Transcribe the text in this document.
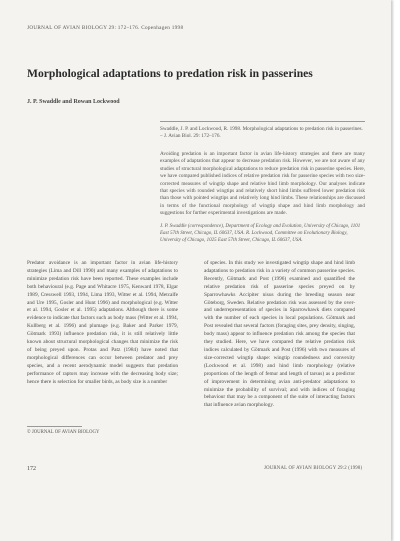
JOURNAL OF AVIAN BIOLOGY 29: 172–176. Copenhagen 1998
Morphological adaptations to predation risk in passerines
J. P. Swaddle and Rowan Lockwood
Swaddle, J. P. and Lockwood, R. 1998. Morphological adaptations to predation risk in passerines. – J. Avian Biol. 29: 172–176.
Avoiding predation is an important factor in avian life-history strategies and there are many examples of adaptations that appear to decrease predation risk. However, we are not aware of any studies of structural morphological adaptations to reduce predation risk in passerine species. Here, we have compared published indices of relative predation risk for passerine species with two size-corrected measures of wingtip shape and relative hind limb morphology. Our analyses indicate that species with rounded wingtips and relatively short hind limbs suffered lower predation risk than those with pointed wingtips and relatively long hind limbs. These relationships are discussed in terms of the functional morphology of wingtip shape and hind limb morphology and suggestions for further experimental investigations are made.
J. P. Swaddle (correspondence), Department of Ecology and Evolution, University of Chicago, 1101 East 57th Street, Chicago, IL 60637, USA. R. Lockwood, Committee on Evolutionary Biology, University of Chicago, 1025 East 57th Street, Chicago, IL 60637, USA.
Predator avoidance is an important factor in avian life-history strategies (Lima and Dill 1990) and many examples of adaptations to minimize predation risk have been reported. These examples include both behavioural (e.g. Page and Whitacre 1975, Kenward 1978, Elgar 1989, Cresswell 1993, 1994, Lima 1993, Witter et al. 1994, Metcalfe and Ure 1995, Gosler and Hunt 1996) and morphological (e.g. Witter et al. 1994, Gosler et al. 1995) adaptations. Although there is some evidence to indicate that factors such as body mass (Witter et al. 1994, Kullberg et al. 1996) and plumage (e.g. Baker and Parker 1979, Götmark 1993) influence predation risk, it is still relatively little known about structural morphological changes that minimize the risk of being preyed upon. Protas and Patz (1984) have noted that morphological differences can occur between predator and prey species, and a recent aerodynamic model suggests that predation performance of raptors may increase with the decreasing body size; hence there is selection for smaller birds, as body size is a number
of species. In this study we investigated wingtip shape and hind limb adaptations to predation risk in a variety of common passerine species. Recently, Götmark and Post (1996) examined and quantified the relative predation risk of passerine species preyed on by Sparrowhawks Accipiter nisus during the breeding season near Göteborg, Sweden. Relative predation risk was assessed by the over- and underrepresentation of species in Sparrowhawk diets compared with the number of each species in local populations. Götmark and Post revealed that several factors (foraging sites, prey density, singing, body mass) appear to influence predation risk among the species that they studied. Here, we have compared the relative predation risk indices calculated by Götmark and Post (1996) with two measures of size-corrected wingtip shape: wingtip roundedness and convexity (Lockwood et al. 1998) and hind limb morphology (relative proportions of the length of femur and length of tarsus) as a predictor of improvement in determining avian anti-predator adaptations to minimize the probability of survival; and with indices of foraging behaviour that may be a component of the suite of interacting factors that influence avian morphology.
© JOURNAL OF AVIAN BIOLOGY
172	JOURNAL OF AVIAN BIOLOGY 29:2 (1998)
